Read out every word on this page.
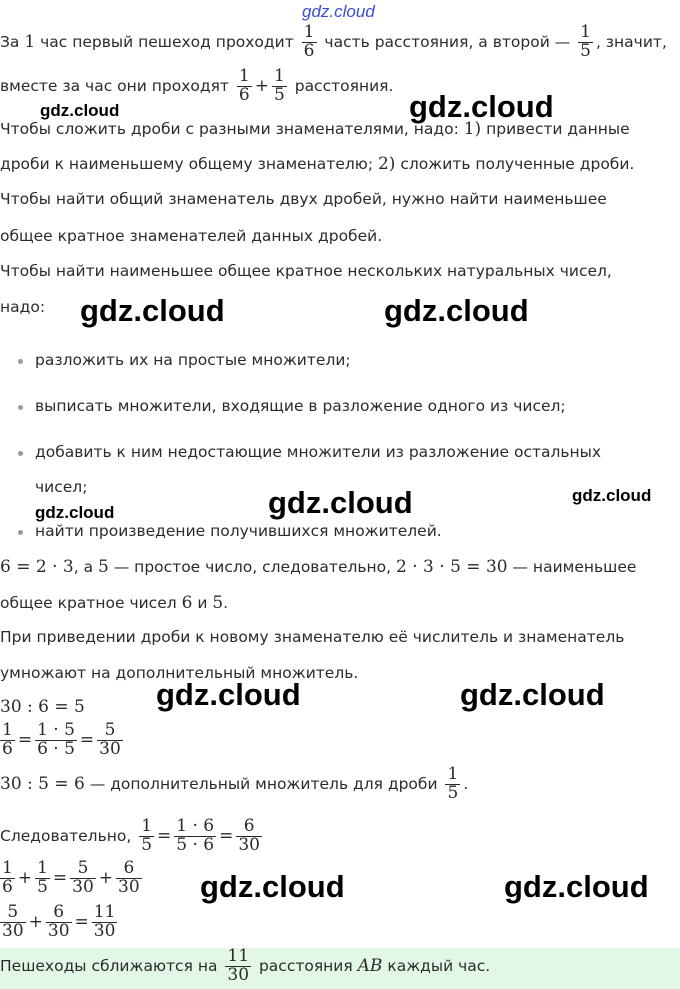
gdz.cloud
За 1 час первый пешеход проходит $\frac{1}{6}$ часть расстояния, а второй — $\frac{1}{5}$ , значит,
вместе за час они проходят $\frac{1}{6} + \frac{1}{5}$ расстояния.
Чтобы сложить дроби с разными знаменателями, надо: 1) привести данные
дроби к наименьшему общему знаменателю; 2) сложить полученные дроби.
Чтобы найти общий знаменатель двух дробей, нужно найти наименьшее
общее кратное знаменателей данных дробей.
Чтобы найти наименьшее общее кратное нескольких натуральных чисел,
надо:
разложить их на простые множители;
выписать множители, входящие в разложение одного из чисел;
добавить к ним недостающие множители из разложение остальных
чисел;
найти произведение получившихся множителей.
6 = 2 · 3, а 5 — простое число, следовательно, 2 · 3 · 5 = 30 — наименьшее
общее кратное чисел 6 и 5.
При приведении дроби к новому знаменателю её числитель и знаменатель
умножают на дополнительный множитель.
30 : 6 = 5
$\frac{1}{6} = \frac{1 \cdot 5}{6 \cdot 5} = \frac{5}{30}$
30 : 5 = 6 — дополнительный множитель для дроби $\frac{1}{5}$ .
Следовательно, $\frac{1}{5} = \frac{1 \cdot 6}{5 \cdot 6} = \frac{6}{30}$
$\frac{1}{6} + \frac{1}{5} = \frac{5}{30} + \frac{6}{30}$
$\frac{5}{30} + \frac{6}{30} = \frac{11}{30}$
Пешеходы сближаются на $\frac{11}{30}$ расстояния AB каждый час.
gdz.cloud	gdz.cloud
gdz.cloud	gdz.cloud
gdz.cloud	gdz.cloud
gdz.cloud
gdz.cloud	gdz.cloud
gdz.cloud	gdz.cloud
